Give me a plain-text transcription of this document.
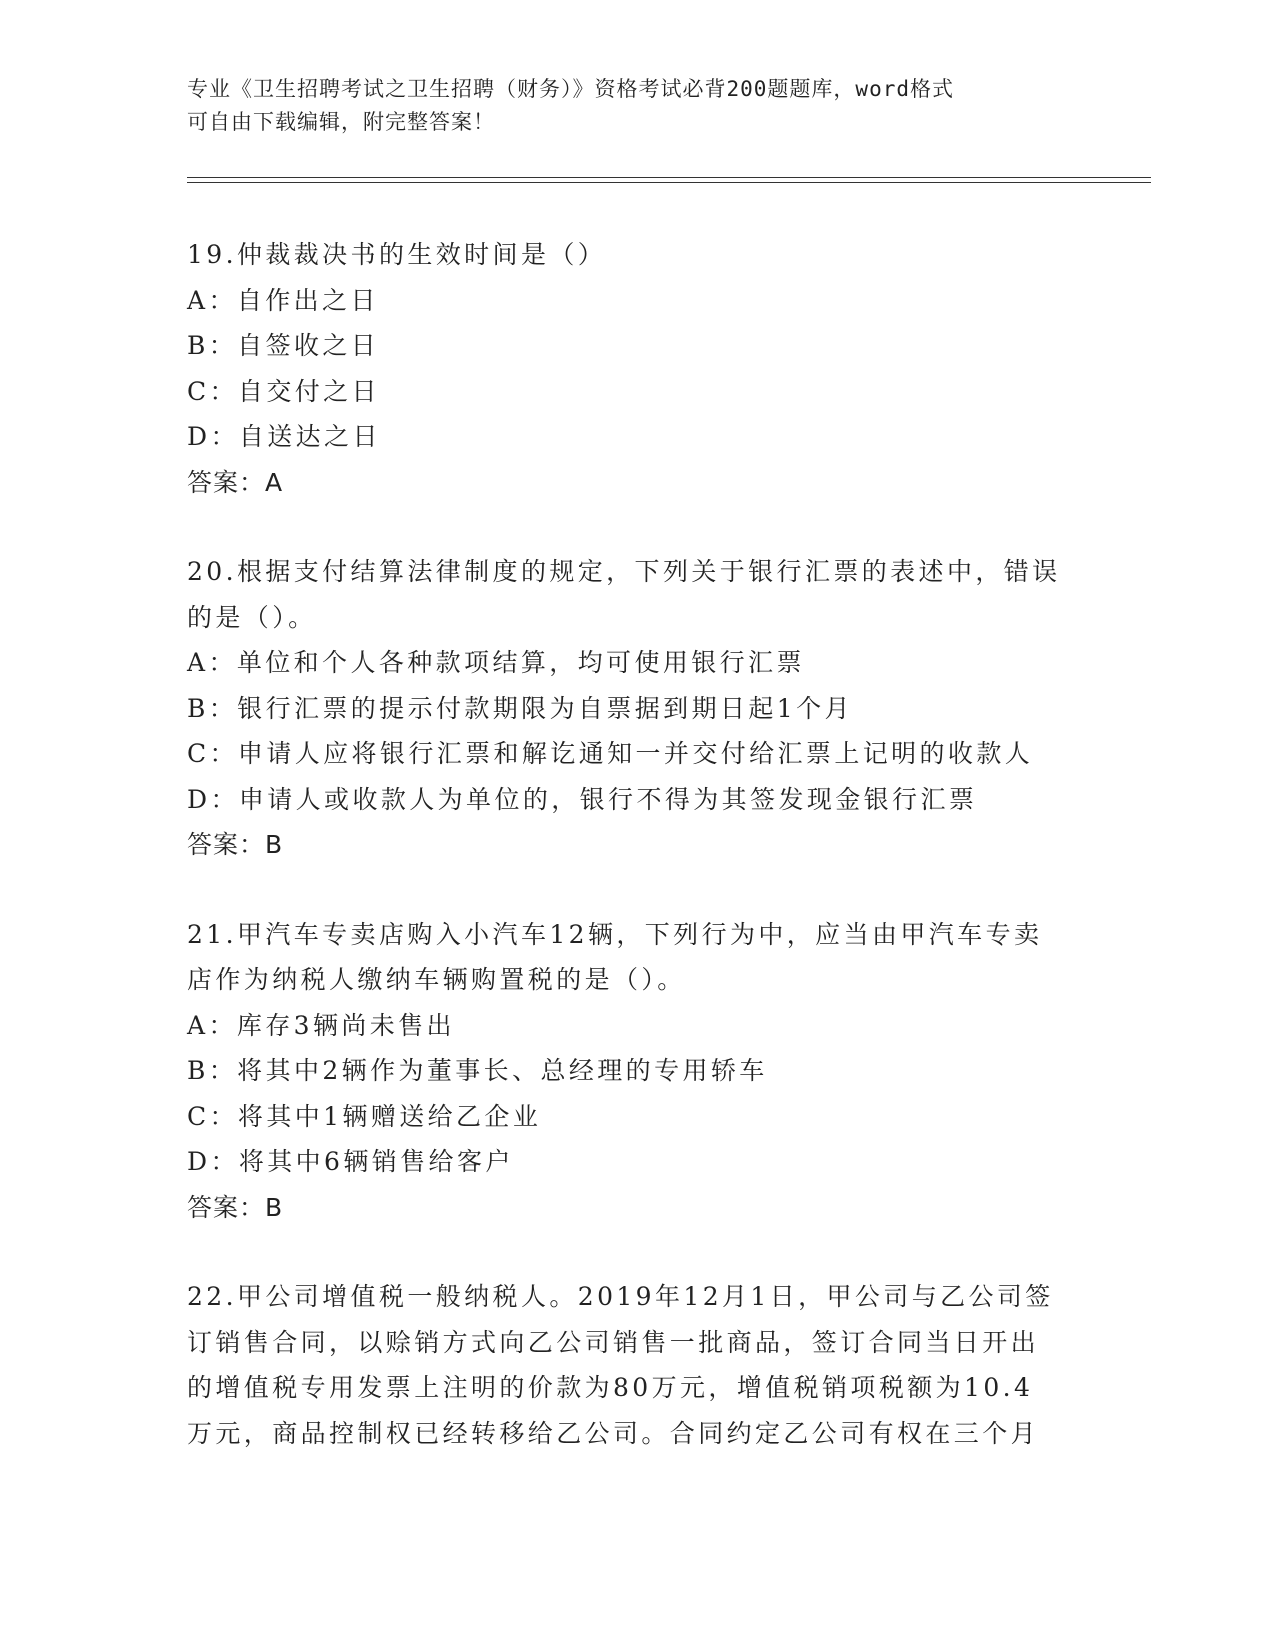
专业《卫生招聘考试之卫生招聘（财务）》资格考试必背200题题库，word格式
可自由下载编辑，附完整答案！
19.仲裁裁决书的生效时间是（）
A：自作出之日
B：自签收之日
C：自交付之日
D：自送达之日
答案：A
20.根据支付结算法律制度的规定，下列关于银行汇票的表述中，错误
的是（）。
A：单位和个人各种款项结算，均可使用银行汇票
B：银行汇票的提示付款期限为自票据到期日起1个月
C：申请人应将银行汇票和解讫通知一并交付给汇票上记明的收款人
D：申请人或收款人为单位的，银行不得为其签发现金银行汇票
答案：B
21.甲汽车专卖店购入小汽车12辆，下列行为中，应当由甲汽车专卖
店作为纳税人缴纳车辆购置税的是（）。
A：库存3辆尚未售出
B：将其中2辆作为董事长、总经理的专用轿车
C：将其中1辆赠送给乙企业
D：将其中6辆销售给客户
答案：B
22.甲公司增值税一般纳税人。2019年12月1日，甲公司与乙公司签
订销售合同，以赊销方式向乙公司销售一批商品，签订合同当日开出
的增值税专用发票上注明的价款为80万元，增值税销项税额为10.4
万元，商品控制权已经转移给乙公司。合同约定乙公司有权在三个月
